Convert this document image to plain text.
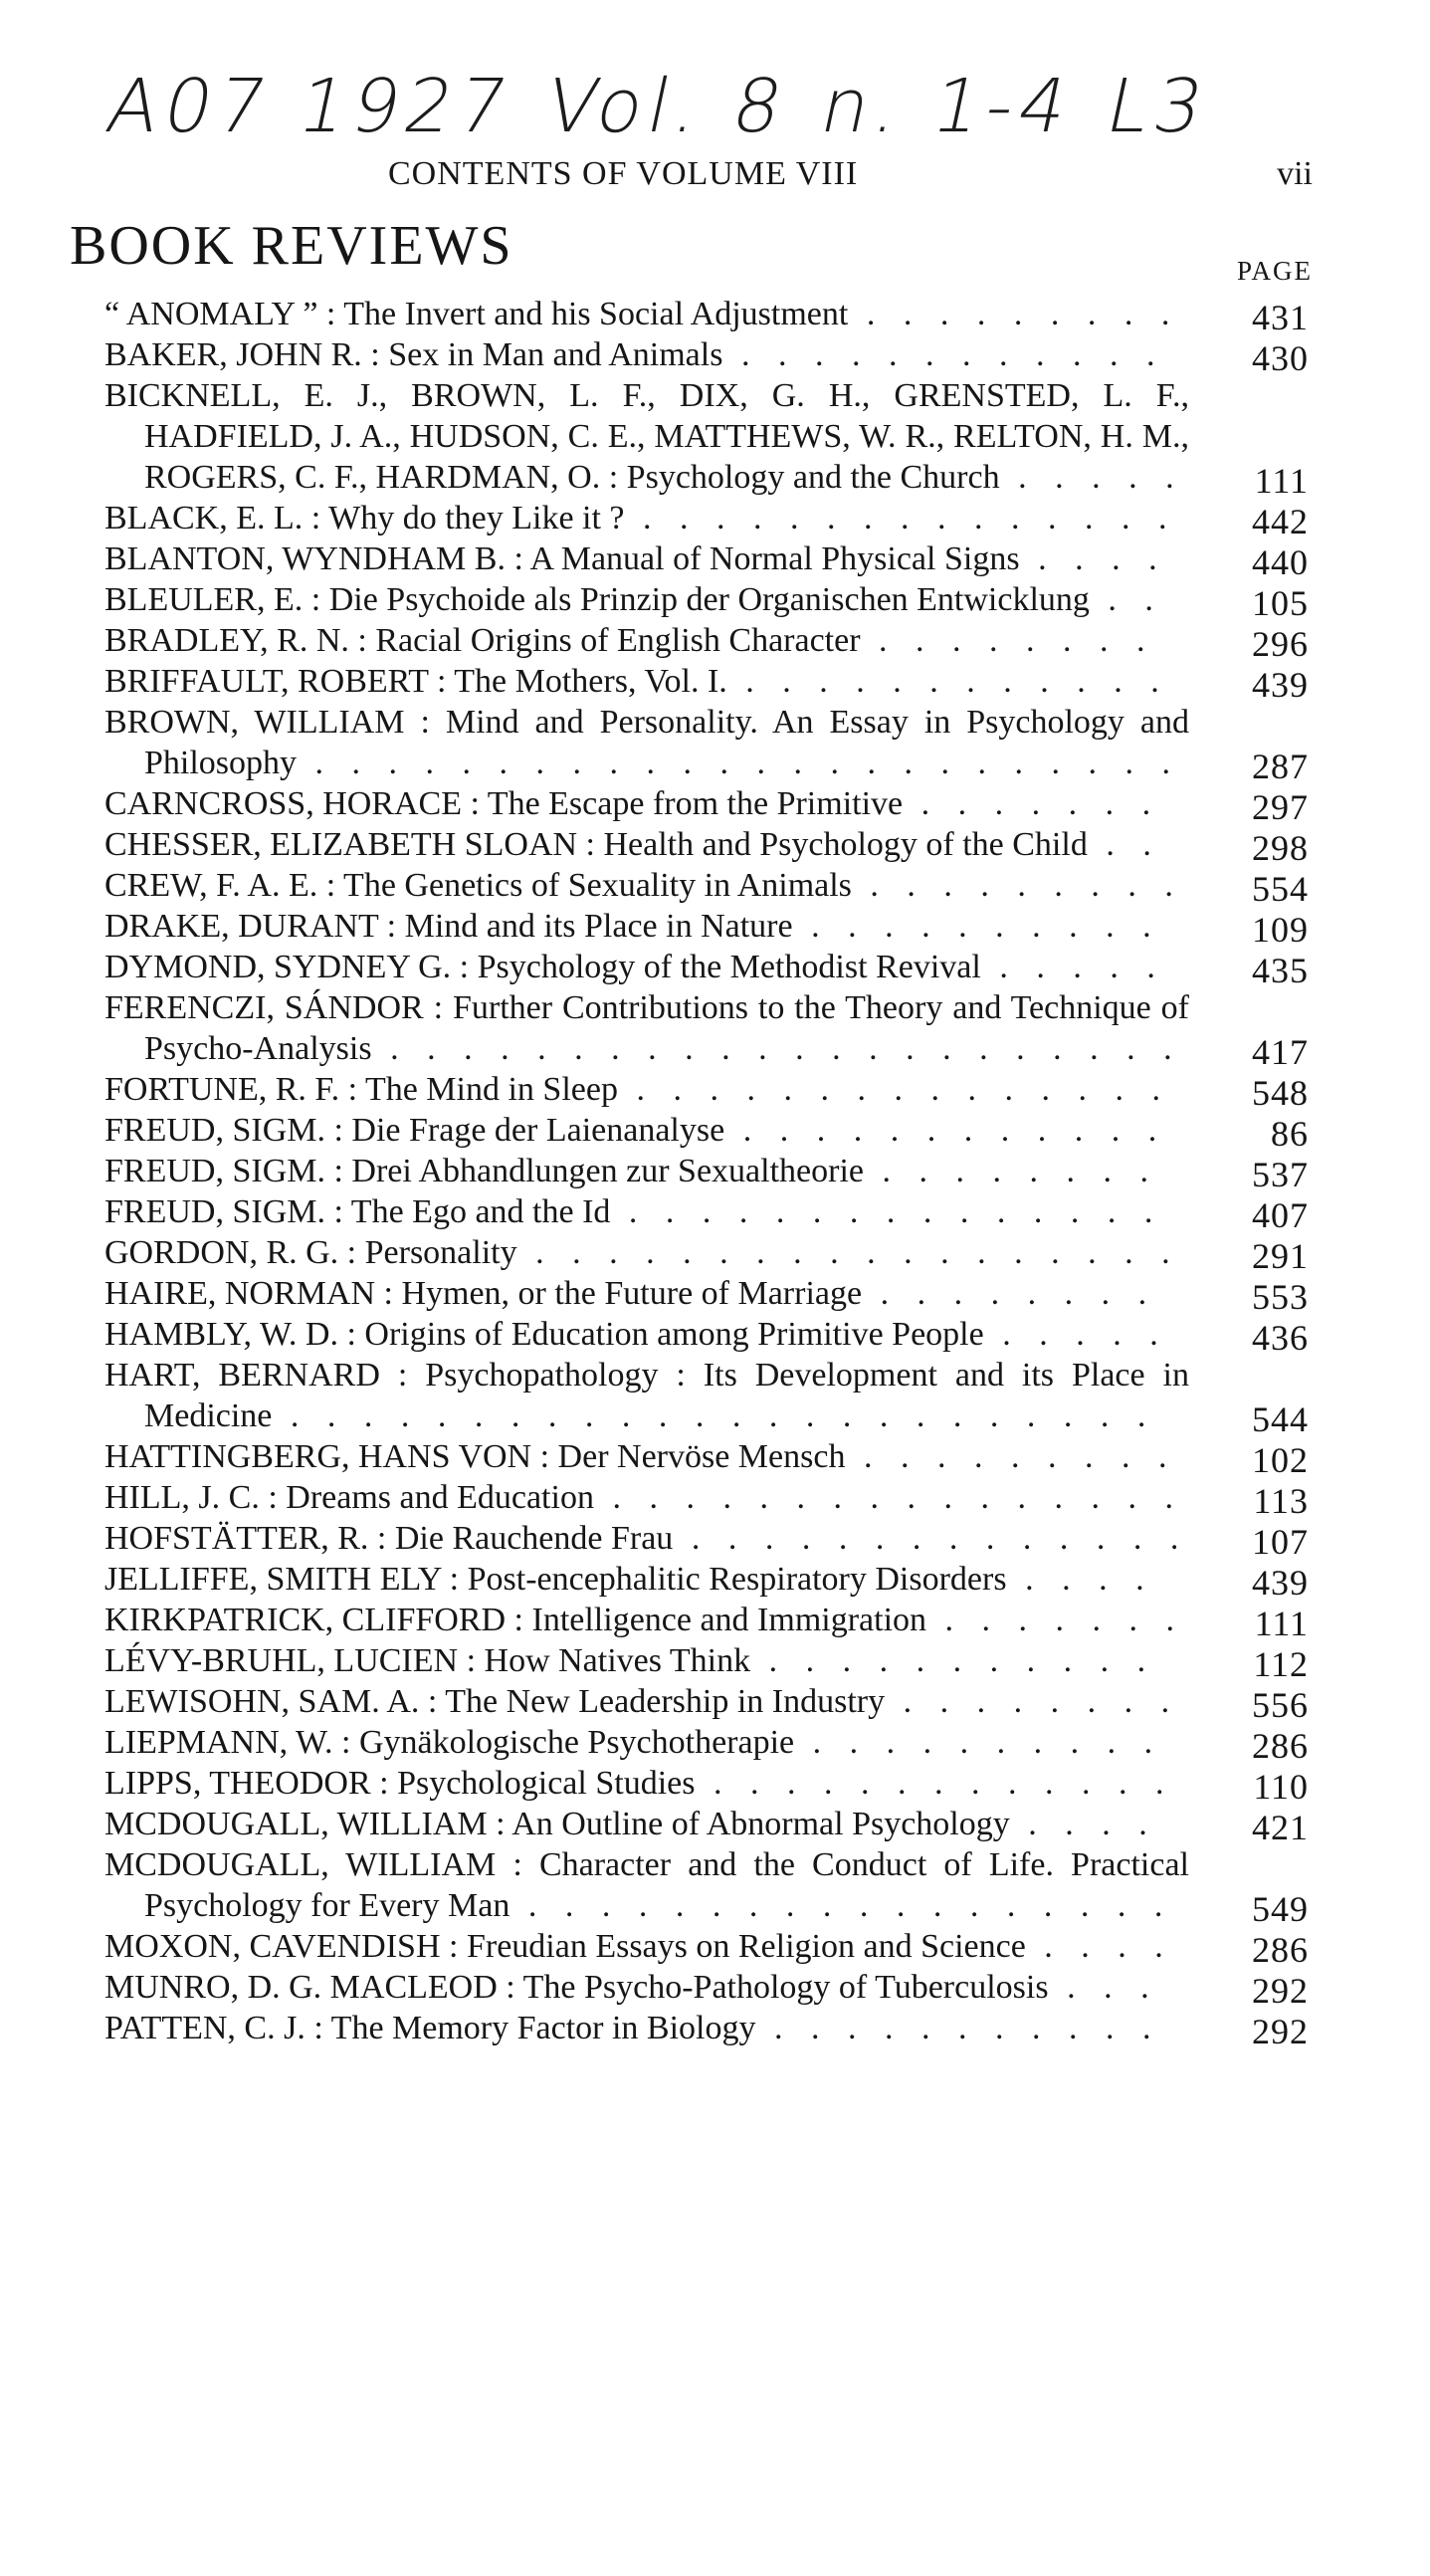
A07 1927 Vol. 8 n. 1-4 L3
CONTENTS OF VOLUME VIII	vii
BOOK REVIEWS	PAGE
“ ANOMALY ” : The Invert and his Social Adjustment . . . . . . . . .	431
BAKER, JOHN R. : Sex in Man and Animals . . . . . . . . . . . .	430
BICKNELL, E. J., BROWN, L. F., DIX, G. H., GRENSTED, L. F., HADFIELD, J. A., HUDSON, C. E., MATTHEWS, W. R., RELTON, H. M., ROGERS, C. F., HARDMAN, O. : Psychology and the Church . . . . .	111
BLACK, E. L. : Why do they Like it ? . . . . . . . . . . . . . . .	442
BLANTON, WYNDHAM B. : A Manual of Normal Physical Signs . . . .	440
BLEULER, E. : Die Psychoide als Prinzip der Organischen Entwicklung . .	105
BRADLEY, R. N. : Racial Origins of English Character . . . . . . . .	296
BRIFFAULT, ROBERT : The Mothers, Vol. I. . . . . . . . . . . . .	439
BROWN, WILLIAM : Mind and Personality. An Essay in Psychology and Philosophy . . . . . . . . . . . . . . . . . . . . . . . .	287
CARNCROSS, HORACE : The Escape from the Primitive . . . . . . .	297
CHESSER, ELIZABETH SLOAN : Health and Psychology of the Child . .	298
CREW, F. A. E. : The Genetics of Sexuality in Animals . . . . . . . . .	554
DRAKE, DURANT : Mind and its Place in Nature . . . . . . . . . .	109
DYMOND, SYDNEY G. : Psychology of the Methodist Revival . . . . .	435
FERENCZI, SÁNDOR : Further Contributions to the Theory and Technique of Psycho-Analysis . . . . . . . . . . . . . . . . . . . . . .	417
FORTUNE, R. F. : The Mind in Sleep . . . . . . . . . . . . . . .	548
FREUD, SIGM. : Die Frage der Laienanalyse . . . . . . . . . . . .	86
FREUD, SIGM. : Drei Abhandlungen zur Sexualtheorie . . . . . . . .	537
FREUD, SIGM. : The Ego and the Id . . . . . . . . . . . . . . .	407
GORDON, R. G. : Personality . . . . . . . . . . . . . . . . . .	291
HAIRE, NORMAN : Hymen, or the Future of Marriage . . . . . . . .	553
HAMBLY, W. D. : Origins of Education among Primitive People . . . . .	436
HART, BERNARD : Psychopathology : Its Development and its Place in Medicine . . . . . . . . . . . . . . . . . . . . . . . .	544
HATTINGBERG, HANS VON : Der Nervöse Mensch . . . . . . . . .	102
HILL, J. C. : Dreams and Education . . . . . . . . . . . . . . . .	113
HOFSTÄTTER, R. : Die Rauchende Frau . . . . . . . . . . . . . .	107
JELLIFFE, SMITH ELY : Post-encephalitic Respiratory Disorders . . . .	439
KIRKPATRICK, CLIFFORD : Intelligence and Immigration . . . . . . .	111
LÉVY-BRUHL, LUCIEN : How Natives Think . . . . . . . . . . .	112
LEWISOHN, SAM. A. : The New Leadership in Industry . . . . . . . .	556
LIEPMANN, W. : Gynäkologische Psychotherapie . . . . . . . . . .	286
LIPPS, THEODOR : Psychological Studies . . . . . . . . . . . . .	110
MCDOUGALL, WILLIAM : An Outline of Abnormal Psychology . . . .	421
MCDOUGALL, WILLIAM : Character and the Conduct of Life. Practical Psychology for Every Man . . . . . . . . . . . . . . . . . .	549
MOXON, CAVENDISH : Freudian Essays on Religion and Science . . . .	286
MUNRO, D. G. MACLEOD : The Psycho-Pathology of Tuberculosis . . .	292
PATTEN, C. J. : The Memory Factor in Biology . . . . . . . . . . .	292
